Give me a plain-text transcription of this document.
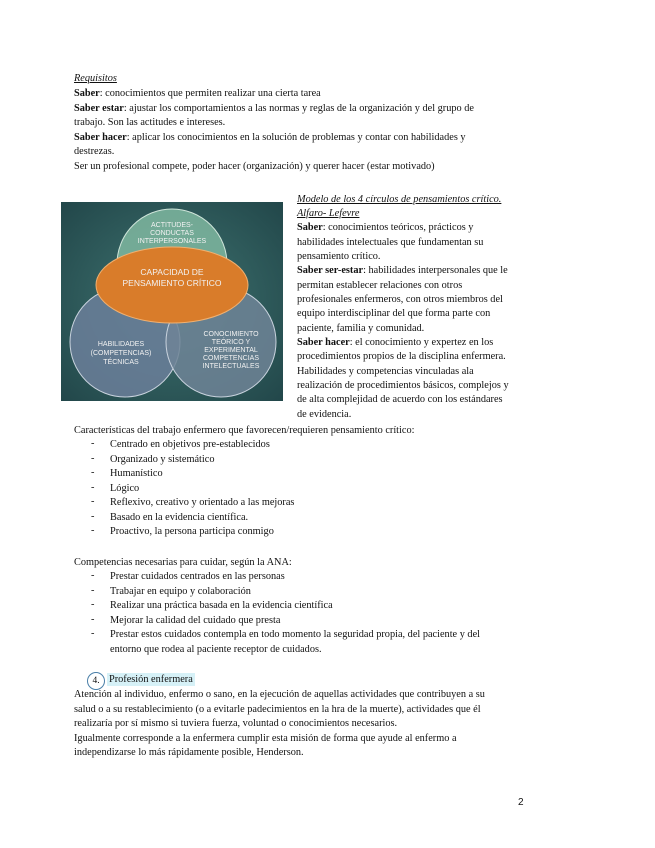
Requisitos
Saber: conocimientos que permiten realizar una cierta tarea
Saber estar: ajustar los comportamientos a las normas y reglas de la organización y del grupo de
trabajo. Son las actitudes e intereses.
Saber hacer: aplicar los conocimientos en la solución de problemas y contar con habilidades y
destrezas.
Ser un profesional compete, poder hacer (organización) y querer hacer (estar motivado)
ACTITUDES-
CONDUCTAS
INTERPERSONALES
CAPACIDAD DE
PENSAMIENTO CRÍTICO
HABILIDADES
(COMPETENCIAS)
TÉCNICAS
CONOCIMIENTO
TEÓRICO Y
EXPERIMENTAL
COMPETENCIAS
INTELECTUALES
Modelo de los 4 círculos de pensamientos crítico.
Alfaro- Lefevre
Saber: conocimientos teóricos, prácticos y
habilidades intelectuales que fundamentan su
pensamiento crítico.
Saber ser-estar: habilidades interpersonales que le
permitan establecer relaciones con otros
profesionales enfermeros, con otros miembros del
equipo interdisciplinar del que forma parte con
paciente, familia y comunidad.
Saber hacer: el conocimiento y expertez en los
procedimientos propios de la disciplina enfermera.
Habilidades y competencias vinculadas ala
realización de procedimientos básicos, complejos y
de alta complejidad de acuerdo con los estándares
de evidencia.
Características del trabajo enfermero que favorecen/requieren pensamiento crítico:
- Centrado en objetivos pre-establecidos
- Organizado y sistemático
- Humanístico
- Lógico
- Reflexivo, creativo y orientado a las mejoras
- Basado en la evidencia científica.
- Proactivo, la persona participa conmigo
Competencias necesarias para cuidar, según la ANA:
- Prestar cuidados centrados en las personas
- Trabajar en equipo y colaboración
- Realizar una práctica basada en la evidencia científica
- Mejorar la calidad del cuidado que presta
- Prestar estos cuidados contempla en todo momento la seguridad propia, del paciente y del
entorno que rodea al paciente receptor de cuidados.
4. Profesión enfermera
Atención al individuo, enfermo o sano, en la ejecución de aquellas actividades que contribuyen a su
salud o a su restablecimiento (o a evitarle padecimientos en la hra de la muerte), actividades que él
realizaría por sí mismo si tuviera fuerza, voluntad o conocimientos necesarios.
Igualmente corresponde a la enfermera cumplir esta misión de forma que ayude al enfermo a
independizarse lo más rápidamente posible, Henderson.
2
